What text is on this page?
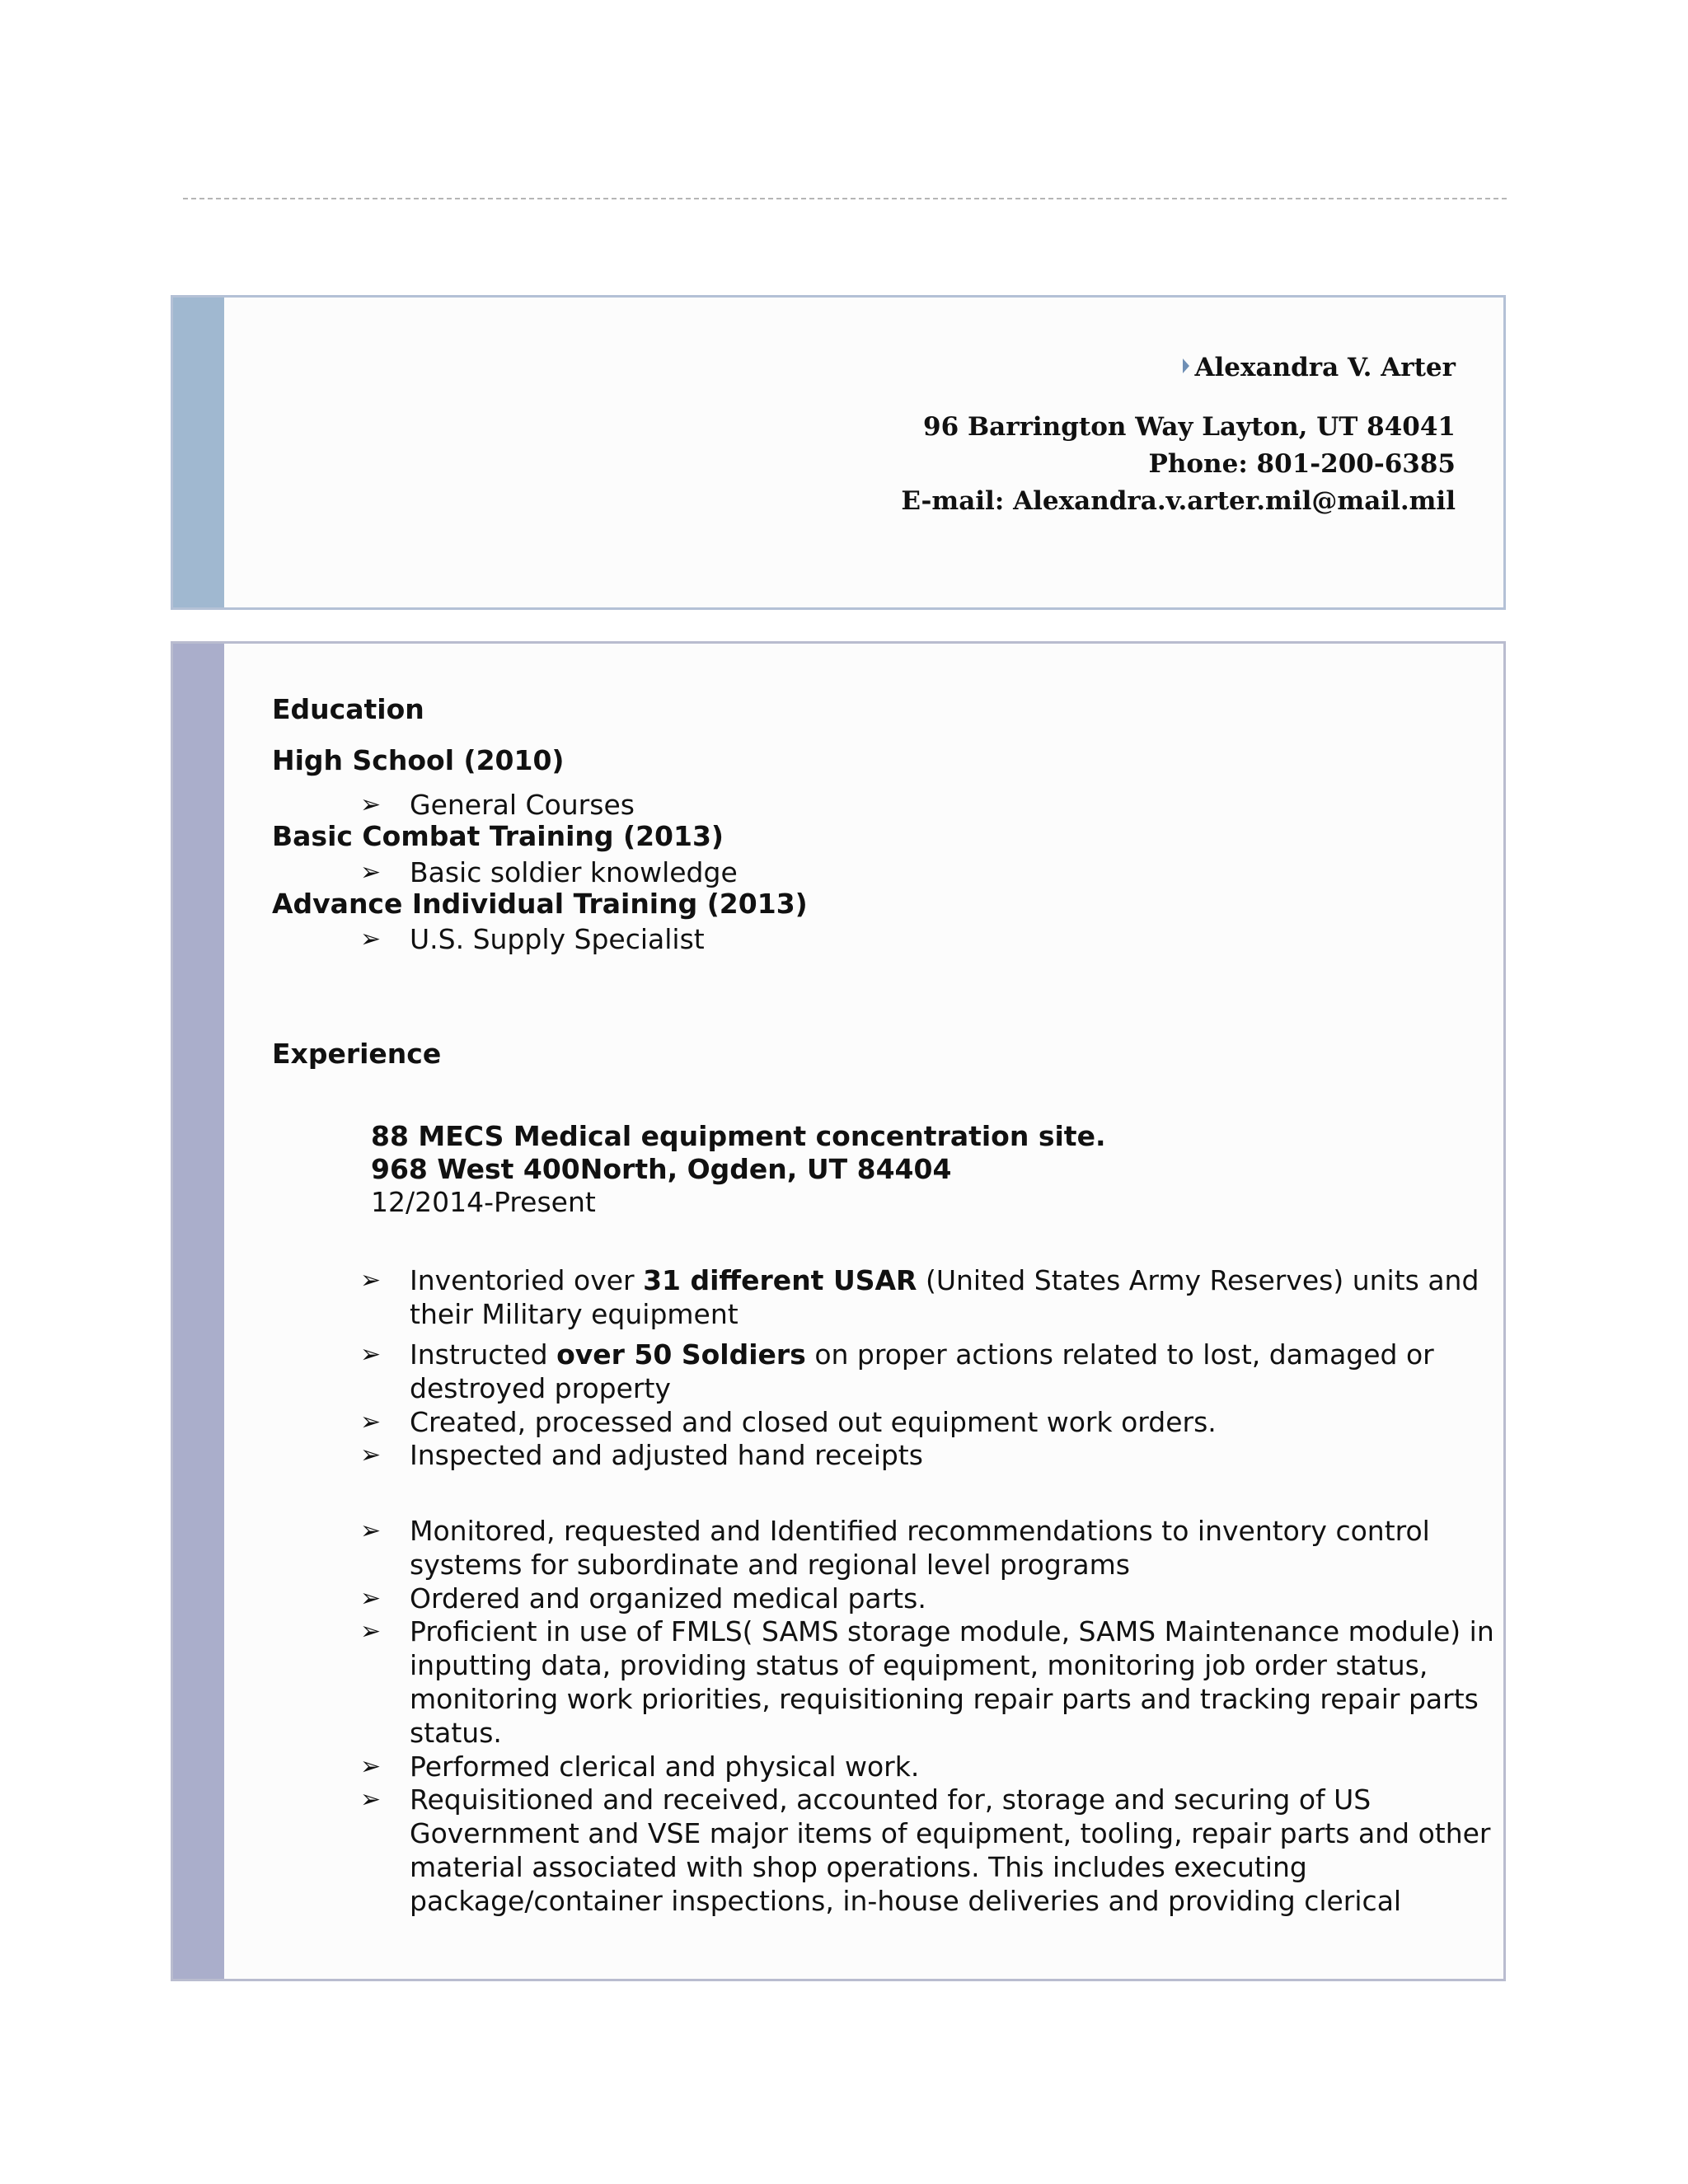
Alexandra V. Arter
96 Barrington Way Layton, UT 84041
Phone: 801-200-6385
E-mail: Alexandra.v.arter.mil@mail.mil
Education
High School (2010)
➢ General Courses
Basic Combat Training (2013)
➢ Basic soldier knowledge
Advance Individual Training (2013)
➢ U.S. Supply Specialist
Experience
88 MECS Medical equipment concentration site.
968 West 400North, Ogden, UT 84404
12/2014-Present
➢ Inventoried over 31 different USAR (United States Army Reserves) units and their Military equipment
➢ Instructed over 50 Soldiers on proper actions related to lost, damaged or destroyed property
➢ Created, processed and closed out equipment work orders.
➢ Inspected and adjusted hand receipts
➢ Monitored, requested and Identified recommendations to inventory control systems for subordinate and regional level programs
➢ Ordered and organized medical parts.
➢ Proficient in use of FMLS( SAMS storage module, SAMS Maintenance module) in inputting data, providing status of equipment, monitoring job order status, monitoring work priorities, requisitioning repair parts and tracking repair parts status.
➢ Performed clerical and physical work.
➢ Requisitioned and received, accounted for, storage and securing of US Government and VSE major items of equipment, tooling, repair parts and other material associated with shop operations. This includes executing package/container inspections, in-house deliveries and providing clerical
